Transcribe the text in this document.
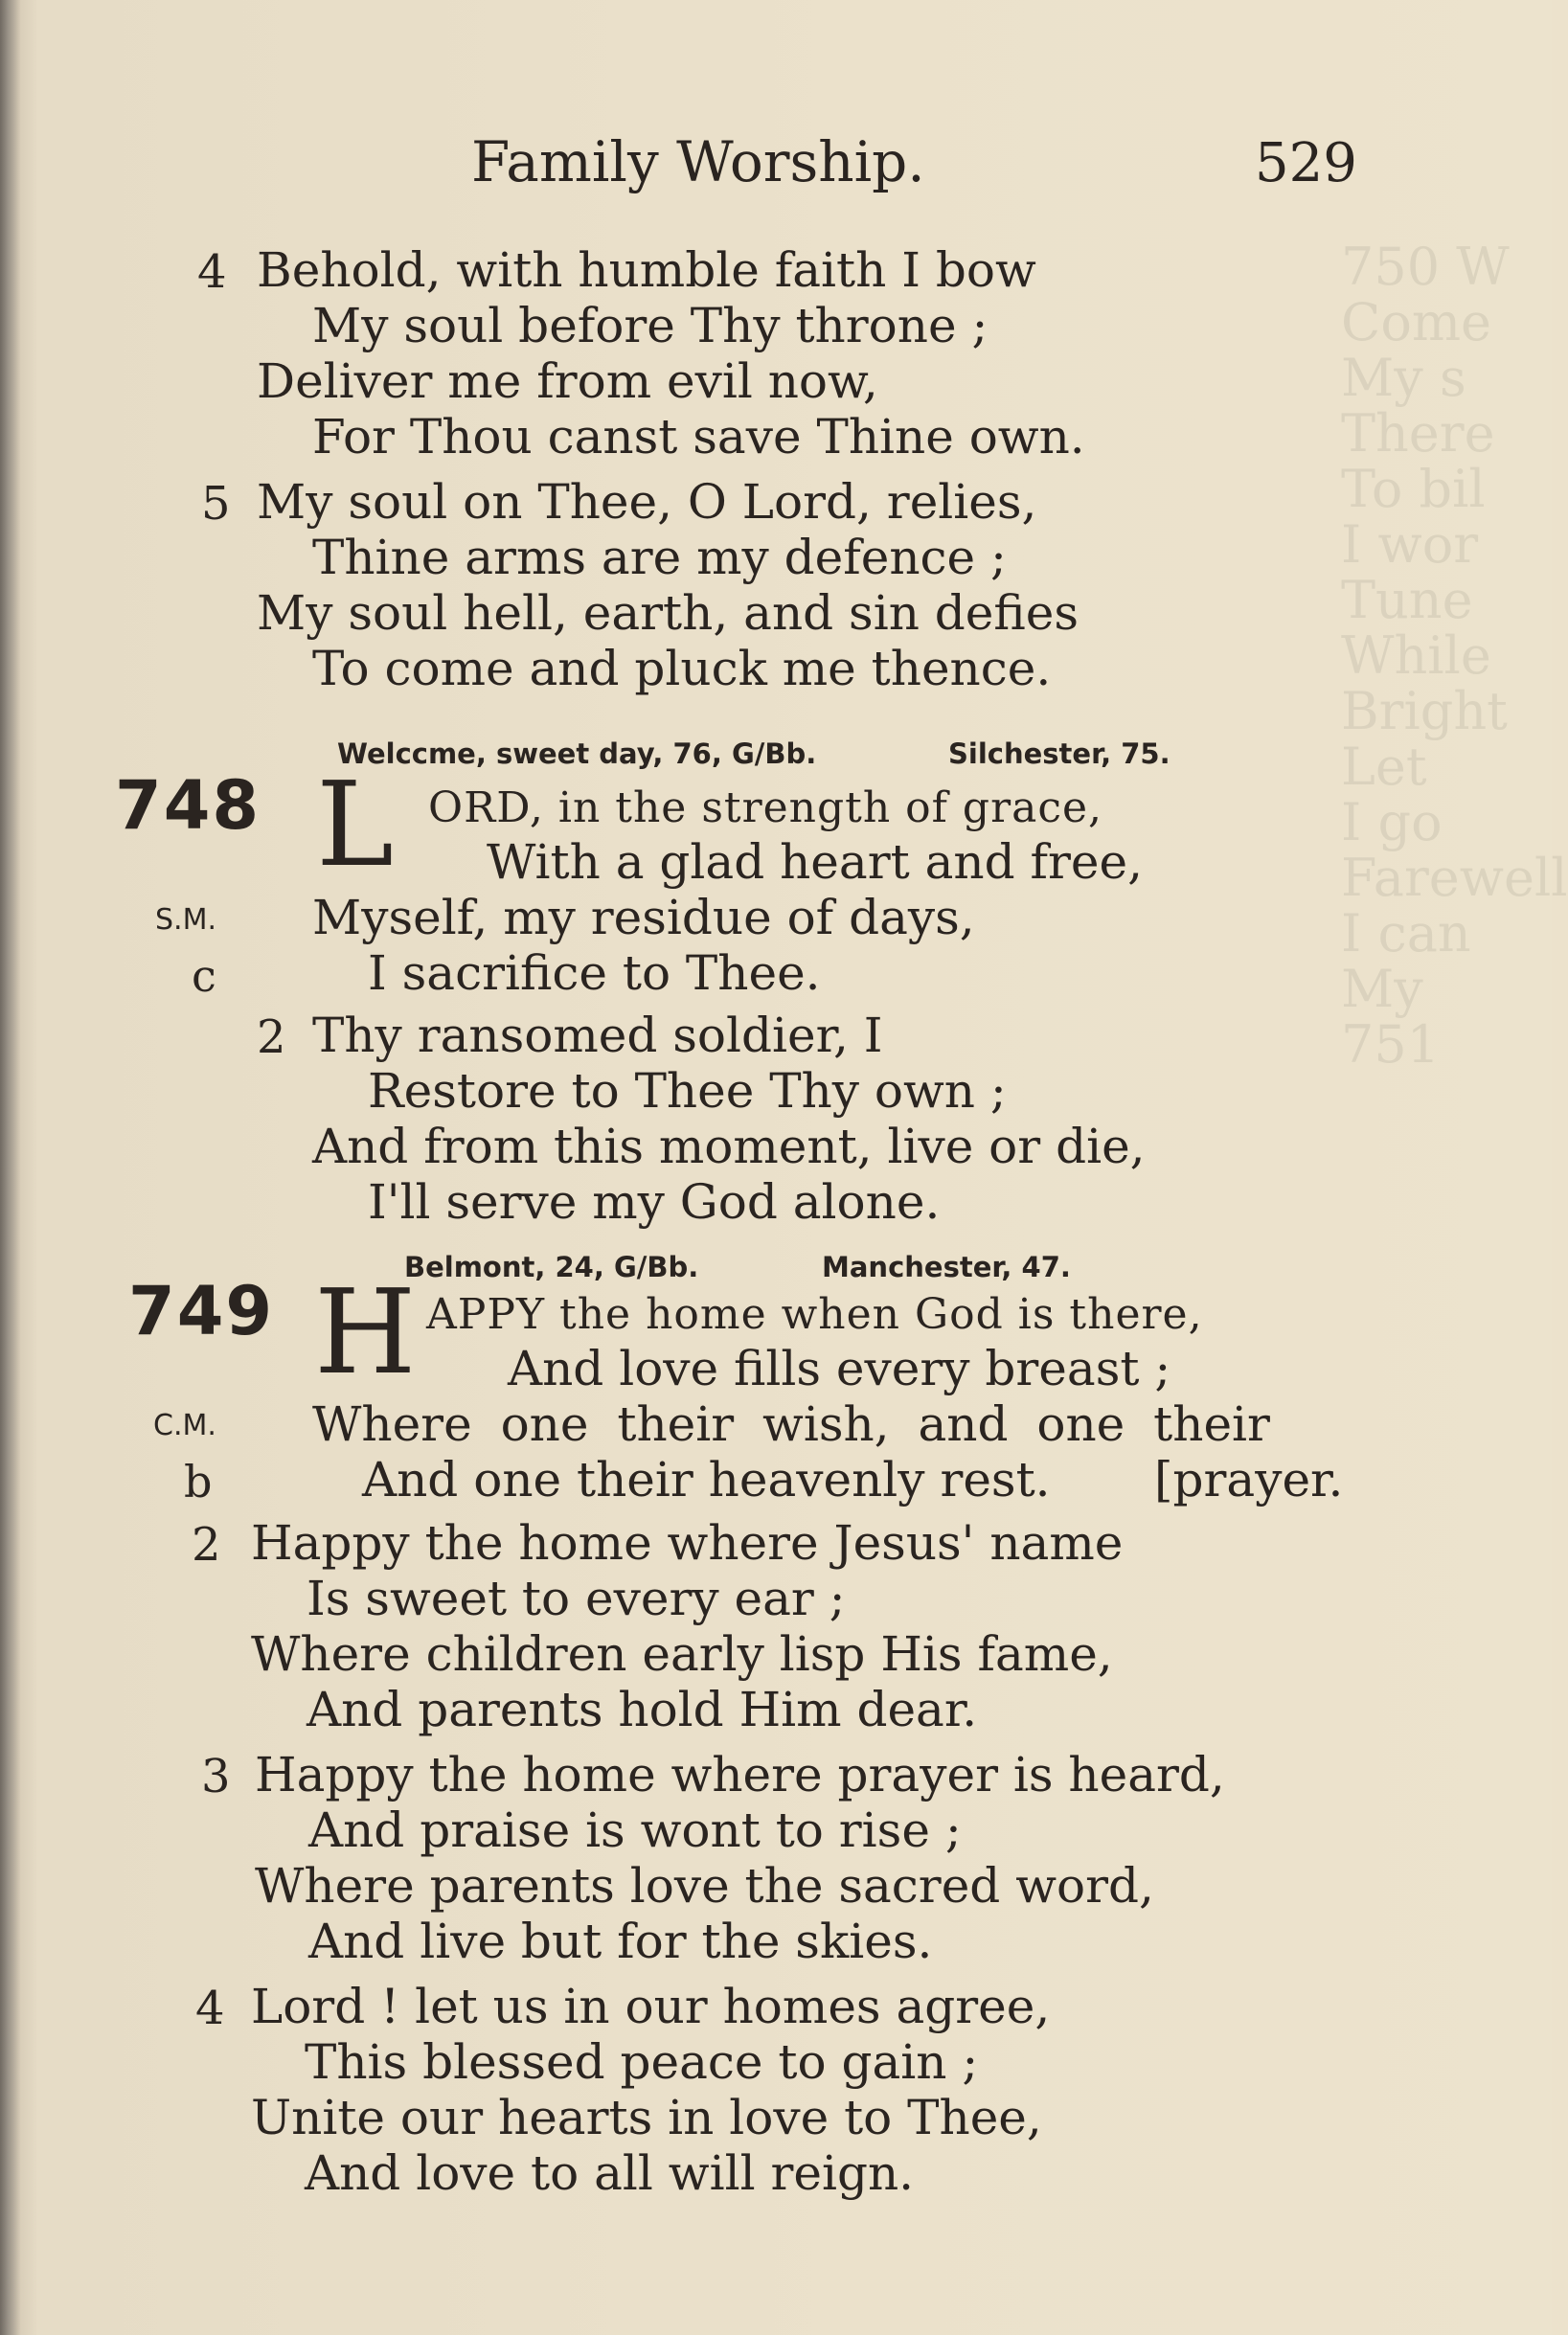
750 W
Come
My s
There
To bil
I wor
Tune
While
Bright
Let
I go
Farewell
I can
My
751
Family Worship.	529
4 Behold, with humble faith I bow
My soul before Thy throne ;
Deliver me from evil now,
For Thou canst save Thine own.
5 My soul on Thee, O Lord, relies,
Thine arms are my defence ;
My soul hell, earth, and sin defies
To come and pluck me thence.
Welccme, sweet day, 76, G/Bb.	Silchester, 75.
748 L ORD, in the strength of grace,
With a glad heart and free,
S.M. Myself, my residue of days,
c	I sacrifice to Thee.
2 Thy ransomed soldier, I
Restore to Thee Thy own ;
And from this moment, live or die,
I'll serve my God alone.
Belmont, 24, G/Bb.	Manchester, 47.
749 H APPY the home when God is there,
And love fills every breast ;
C.M. Where one their wish, and one their
b	And one their heavenly rest. [prayer.
2 Happy the home where Jesus' name
Is sweet to every ear ;
Where children early lisp His fame,
And parents hold Him dear.
3 Happy the home where prayer is heard,
And praise is wont to rise ;
Where parents love the sacred word,
And live but for the skies.
4 Lord ! let us in our homes agree,
This blessed peace to gain ;
Unite our hearts in love to Thee,
And love to all will reign.
